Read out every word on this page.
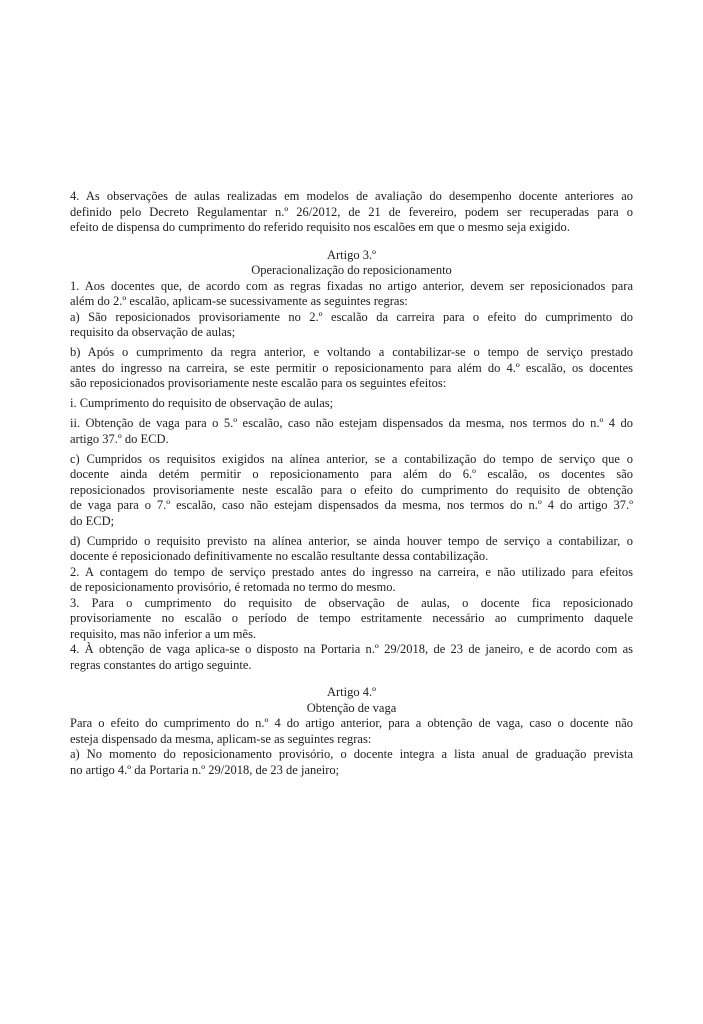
4. As observações de aulas realizadas em modelos de avaliação do desempenho docente anteriores ao
definido pelo Decreto Regulamentar n.º 26/2012, de 21 de fevereiro, podem ser recuperadas para o
efeito de dispensa do cumprimento do referido requisito nos escalões em que o mesmo seja exigido.
Artigo 3.º
Operacionalização do reposicionamento
1. Aos docentes que, de acordo com as regras fixadas no artigo anterior, devem ser reposicionados para
além do 2.º escalão, aplicam-se sucessivamente as seguintes regras:
a) São reposicionados provisoriamente no 2.º escalão da carreira para o efeito do cumprimento do
requisito da observação de aulas;
b) Após o cumprimento da regra anterior, e voltando a contabilizar-se o tempo de serviço prestado
antes do ingresso na carreira, se este permitir o reposicionamento para além do 4.º escalão, os docentes
são reposicionados provisoriamente neste escalão para os seguintes efeitos:
i. Cumprimento do requisito de observação de aulas;
ii. Obtenção de vaga para o 5.º escalão, caso não estejam dispensados da mesma, nos termos do n.º 4 do
artigo 37.º do ECD.
c) Cumpridos os requisitos exigidos na alínea anterior, se a contabilização do tempo de serviço que o
docente ainda detém permitir o reposicionamento para além do 6.º escalão, os docentes são
reposicionados provisoriamente neste escalão para o efeito do cumprimento do requisito de obtenção
de vaga para o 7.º escalão, caso não estejam dispensados da mesma, nos termos do n.º 4 do artigo 37.º
do ECD;
d) Cumprido o requisito previsto na alínea anterior, se ainda houver tempo de serviço a contabilizar, o
docente é reposicionado definitivamente no escalão resultante dessa contabilização.
2. A contagem do tempo de serviço prestado antes do ingresso na carreira, e não utilizado para efeitos
de reposicionamento provisório, é retomada no termo do mesmo.
3. Para o cumprimento do requisito de observação de aulas, o docente fica reposicionado
provisoriamente no escalão o período de tempo estritamente necessário ao cumprimento daquele
requisito, mas não inferior a um mês.
4. À obtenção de vaga aplica-se o disposto na Portaria n.º 29/2018, de 23 de janeiro, e de acordo com as
regras constantes do artigo seguinte.
Artigo 4.º
Obtenção de vaga
Para o efeito do cumprimento do n.º 4 do artigo anterior, para a obtenção de vaga, caso o docente não
esteja dispensado da mesma, aplicam-se as seguintes regras:
a) No momento do reposicionamento provisório, o docente integra a lista anual de graduação prevista
no artigo 4.º da Portaria n.º 29/2018, de 23 de janeiro;
